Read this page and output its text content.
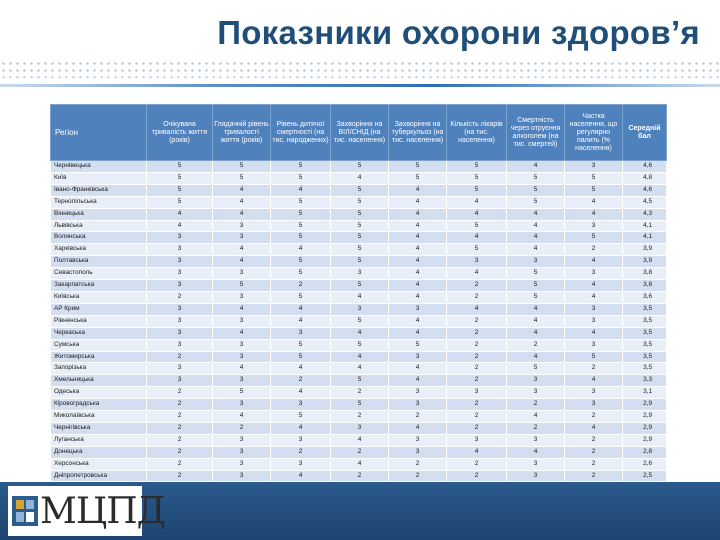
Показники охорони здоров’я
Регіон	Очікувана тривалість життя (років)	Глядачній рівень тривалості життя (років)	Рівень дитячої смертності (на тис. народжених)	Захворіння на ВІЛ/СНІД (на тис. населення)	Захворіння на туберкульоз (на тис. населення)	Кількість лікарів (на тис. населення)	Смертність через отруєння алкоголем (на тис. смертей)	Частка населення, що регулярно палить (% населення)	Середній бал
Чернівецька	5	5	5	5	5	5	4	3	4,6
Київ	5	5	5	4	5	5	5	5	4,8
Івано-Франківська	5	4	4	5	4	5	5	5	4,6
Тернопільська	5	4	5	5	4	4	5	4	4,5
Вінницька	4	4	5	5	4	4	4	4	4,3
Львівська	4	3	5	5	4	5	4	3	4,1
Волинська	3	3	5	5	4	4	4	5	4,1
Харківська	3	4	4	5	4	5	4	2	3,9
Полтавська	3	4	5	5	4	3	3	4	3,9
Севастополь	3	3	5	3	4	4	5	3	3,8
Закарпатська	3	5	2	5	4	2	5	4	3,8
Київська	2	3	5	4	4	2	5	4	3,6
АР Крим	3	4	4	3	3	4	4	3	3,5
Рівненська	3	3	4	5	4	2	4	3	3,5
Черкаська	3	4	3	4	4	2	4	4	3,5
Сумська	3	3	5	5	5	2	2	3	3,5
Житомирська	2	3	5	4	3	2	4	5	3,5
Запорізька	3	4	4	4	4	2	5	2	3,5
Хмельницька	3	3	2	5	4	2	3	4	3,3
Одеська	2	5	4	2	3	3	3	3	3,1
Кіровоградська	2	3	3	5	3	2	2	3	2,9
Миколаївська	2	4	5	2	2	2	4	2	2,9
Чернігівська	2	2	4	3	4	2	2	4	2,9
Луганська	2	3	3	4	3	3	3	2	2,9
Донецька	2	3	2	2	3	4	4	2	2,8
Херсонська	2	3	3	4	2	2	3	2	2,6
Дніпропетровська	2	3	4	2	2	2	3	2	2,5
МЦПД
